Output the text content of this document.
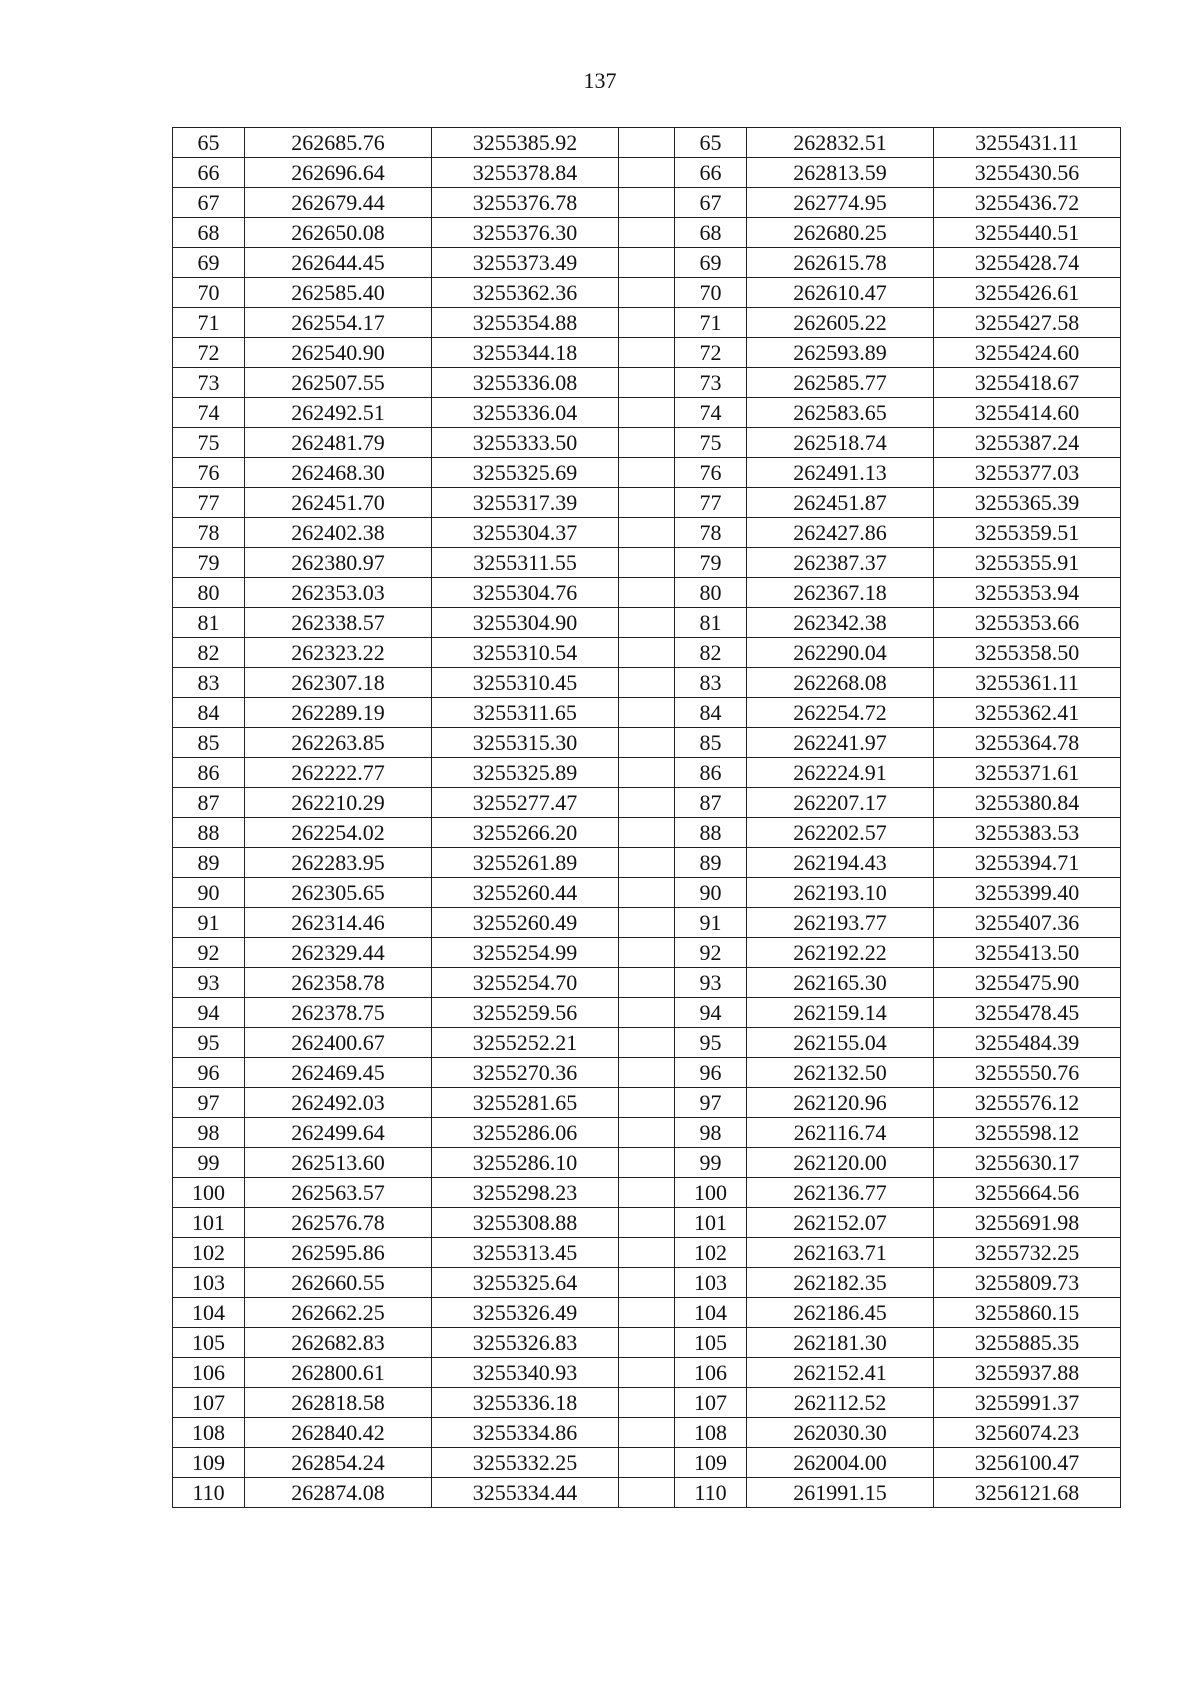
137
65	262685.76	3255385.92		65	262832.51	3255431.11
66	262696.64	3255378.84		66	262813.59	3255430.56
67	262679.44	3255376.78		67	262774.95	3255436.72
68	262650.08	3255376.30		68	262680.25	3255440.51
69	262644.45	3255373.49		69	262615.78	3255428.74
70	262585.40	3255362.36		70	262610.47	3255426.61
71	262554.17	3255354.88		71	262605.22	3255427.58
72	262540.90	3255344.18		72	262593.89	3255424.60
73	262507.55	3255336.08		73	262585.77	3255418.67
74	262492.51	3255336.04		74	262583.65	3255414.60
75	262481.79	3255333.50		75	262518.74	3255387.24
76	262468.30	3255325.69		76	262491.13	3255377.03
77	262451.70	3255317.39		77	262451.87	3255365.39
78	262402.38	3255304.37		78	262427.86	3255359.51
79	262380.97	3255311.55		79	262387.37	3255355.91
80	262353.03	3255304.76		80	262367.18	3255353.94
81	262338.57	3255304.90		81	262342.38	3255353.66
82	262323.22	3255310.54		82	262290.04	3255358.50
83	262307.18	3255310.45		83	262268.08	3255361.11
84	262289.19	3255311.65		84	262254.72	3255362.41
85	262263.85	3255315.30		85	262241.97	3255364.78
86	262222.77	3255325.89		86	262224.91	3255371.61
87	262210.29	3255277.47		87	262207.17	3255380.84
88	262254.02	3255266.20		88	262202.57	3255383.53
89	262283.95	3255261.89		89	262194.43	3255394.71
90	262305.65	3255260.44		90	262193.10	3255399.40
91	262314.46	3255260.49		91	262193.77	3255407.36
92	262329.44	3255254.99		92	262192.22	3255413.50
93	262358.78	3255254.70		93	262165.30	3255475.90
94	262378.75	3255259.56		94	262159.14	3255478.45
95	262400.67	3255252.21		95	262155.04	3255484.39
96	262469.45	3255270.36		96	262132.50	3255550.76
97	262492.03	3255281.65		97	262120.96	3255576.12
98	262499.64	3255286.06		98	262116.74	3255598.12
99	262513.60	3255286.10		99	262120.00	3255630.17
100	262563.57	3255298.23		100	262136.77	3255664.56
101	262576.78	3255308.88		101	262152.07	3255691.98
102	262595.86	3255313.45		102	262163.71	3255732.25
103	262660.55	3255325.64		103	262182.35	3255809.73
104	262662.25	3255326.49		104	262186.45	3255860.15
105	262682.83	3255326.83		105	262181.30	3255885.35
106	262800.61	3255340.93		106	262152.41	3255937.88
107	262818.58	3255336.18		107	262112.52	3255991.37
108	262840.42	3255334.86		108	262030.30	3256074.23
109	262854.24	3255332.25		109	262004.00	3256100.47
110	262874.08	3255334.44		110	261991.15	3256121.68
